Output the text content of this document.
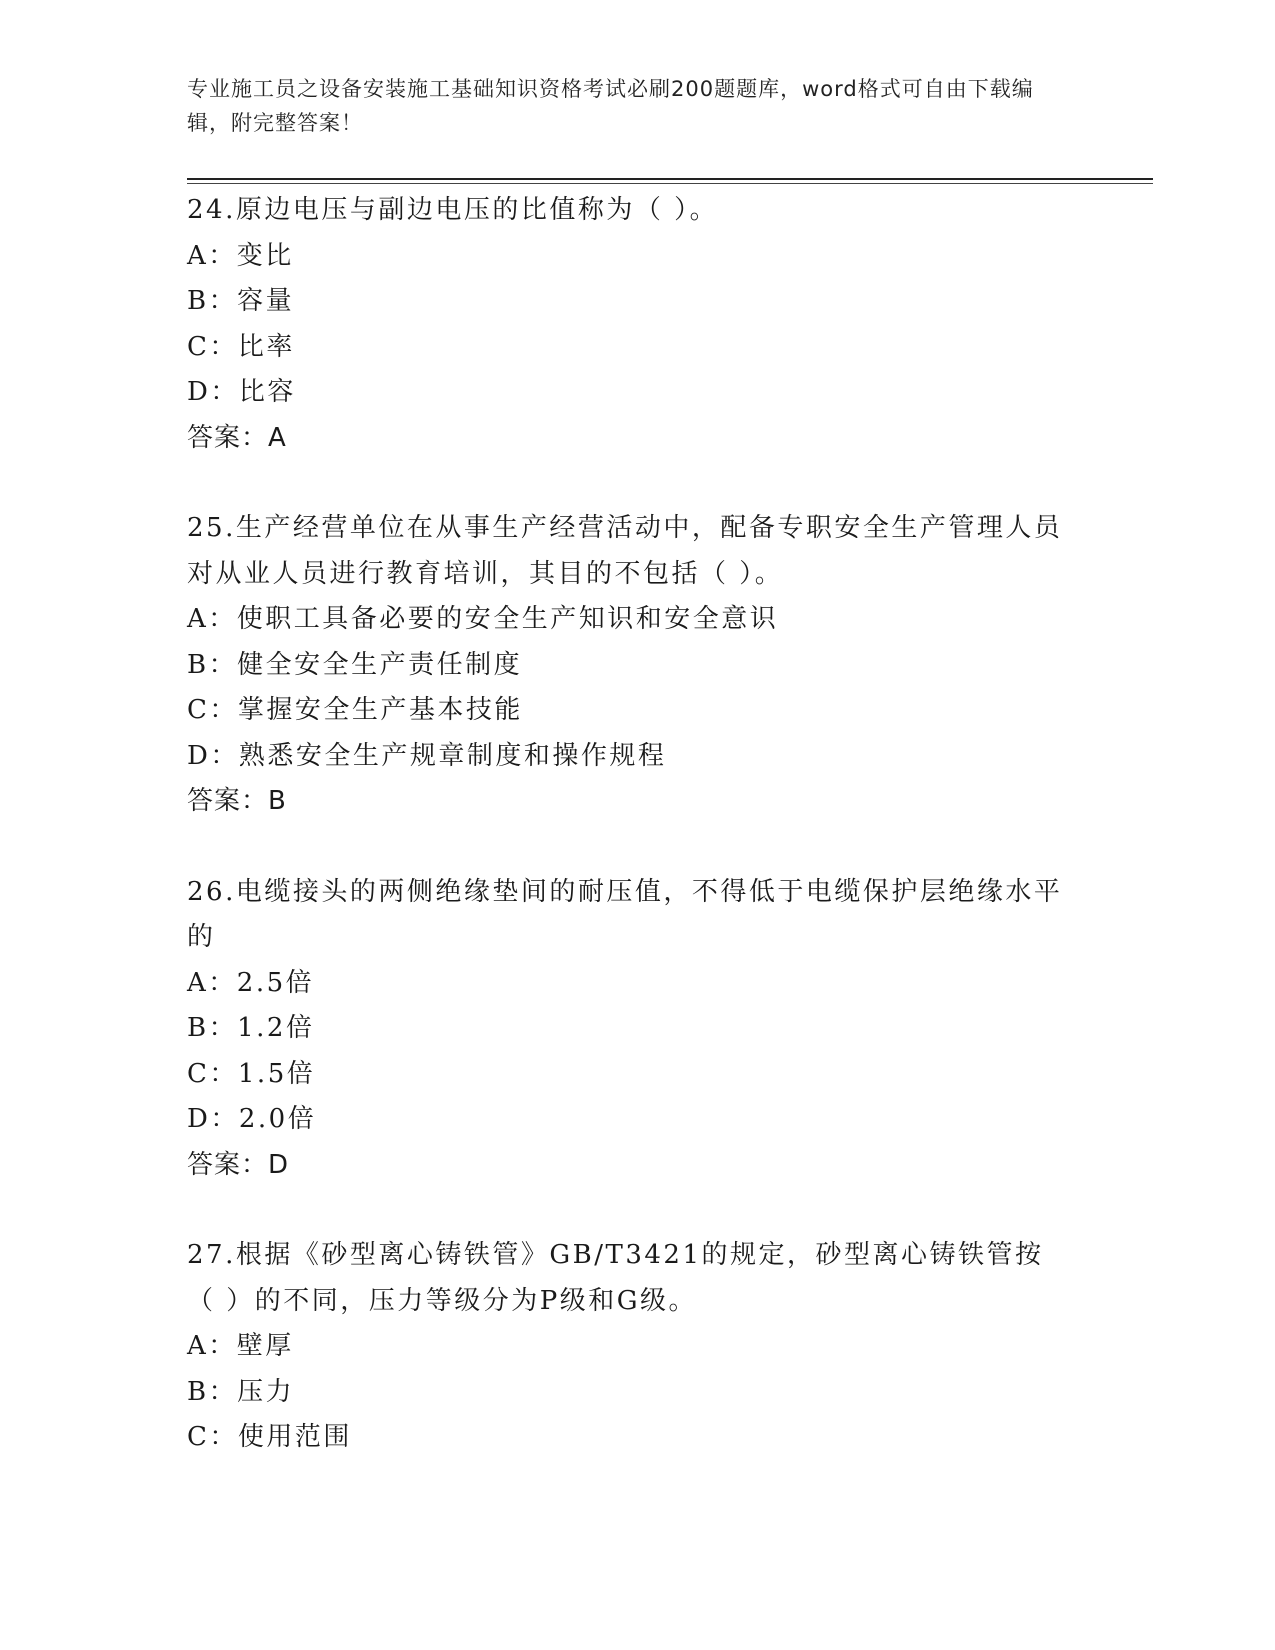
专业施工员之设备安装施工基础知识资格考试必刷200题题库，word格式可自由下载编辑，附完整答案！
24.原边电压与副边电压的比值称为（ ）。
A：变比
B：容量
C：比率
D：比容
答案：A
25.生产经营单位在从事生产经营活动中，配备专职安全生产管理人员对从业人员进行教育培训，其目的不包括（ ）。
A：使职工具备必要的安全生产知识和安全意识
B：健全安全生产责任制度
C：掌握安全生产基本技能
D：熟悉安全生产规章制度和操作规程
答案：B
26.电缆接头的两侧绝缘垫间的耐压值，不得低于电缆保护层绝缘水平的
A：2.5倍
B：1.2倍
C：1.5倍
D：2.0倍
答案：D
27.根据《砂型离心铸铁管》GB/T3421的规定，砂型离心铸铁管按（ ）的不同，压力等级分为P级和G级。
A：壁厚
B：压力
C：使用范围
